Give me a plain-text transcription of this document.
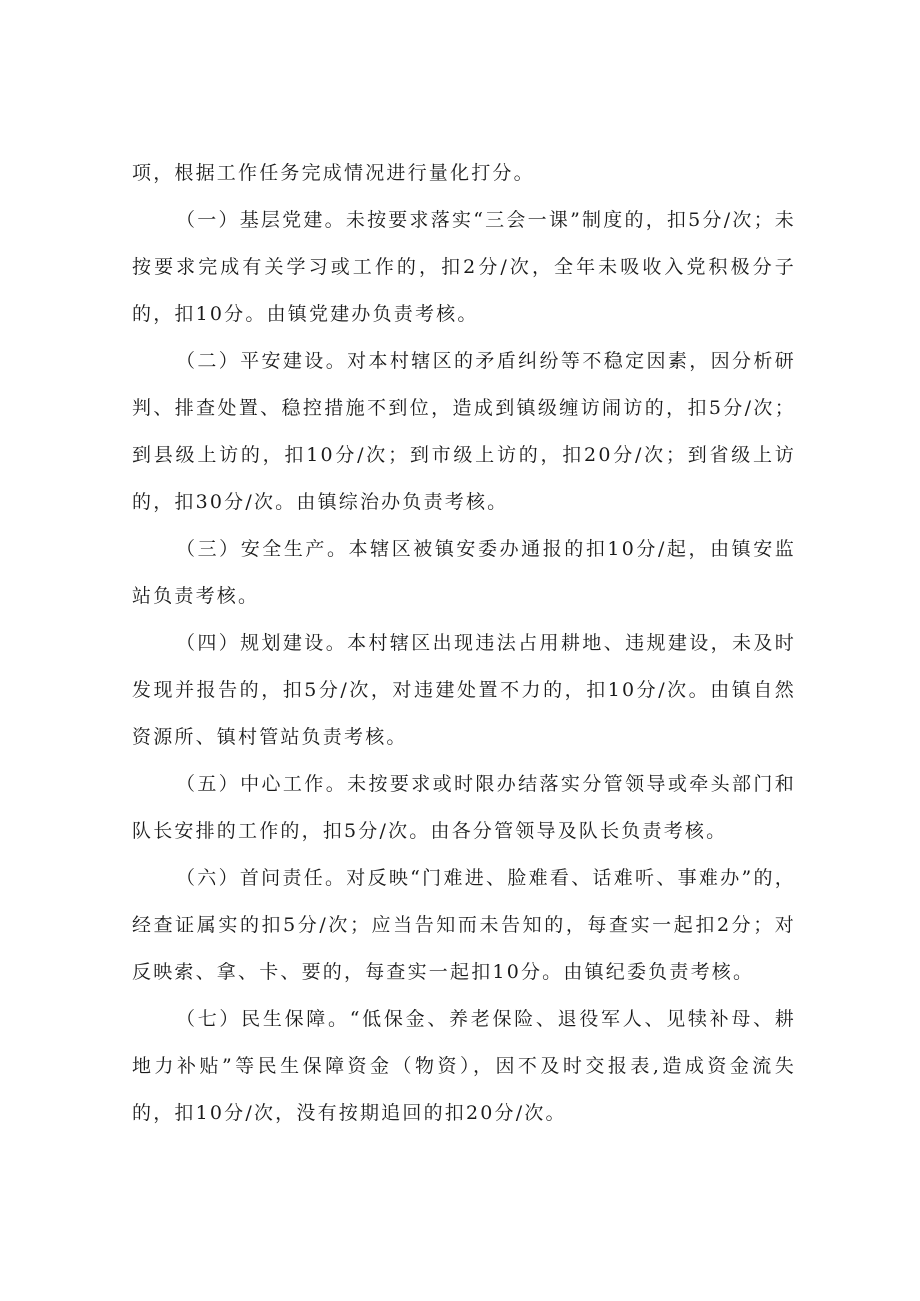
项，根据工作任务完成情况进行量化打分。

（一）基层党建。未按要求落实“三会一课”制度的，扣5分/次；未按要求完成有关学习或工作的，扣2分/次，全年未吸收入党积极分子的，扣10分。由镇党建办负责考核。

（二）平安建设。对本村辖区的矛盾纠纷等不稳定因素，因分析研判、排查处置、稳控措施不到位，造成到镇级缠访闹访的，扣5分/次；到县级上访的，扣10分/次；到市级上访的，扣20分/次；到省级上访的，扣30分/次。由镇综治办负责考核。

（三）安全生产。本辖区被镇安委办通报的扣10分/起，由镇安监站负责考核。

（四）规划建设。本村辖区出现违法占用耕地、违规建设，未及时发现并报告的，扣5分/次，对违建处置不力的，扣10分/次。由镇自然资源所、镇村管站负责考核。

（五）中心工作。未按要求或时限办结落实分管领导或牵头部门和队长安排的工作的，扣5分/次。由各分管领导及队长负责考核。

（六）首问责任。对反映“门难进、脸难看、话难听、事难办”的，经查证属实的扣5分/次；应当告知而未告知的，每查实一起扣2分；对反映索、拿、卡、要的，每查实一起扣10分。由镇纪委负责考核。

（七）民生保障。“低保金、养老保险、退役军人、见犊补母、耕地力补贴”等民生保障资金（物资），因不及时交报表,造成资金流失的，扣10分/次，没有按期追回的扣20分/次。
